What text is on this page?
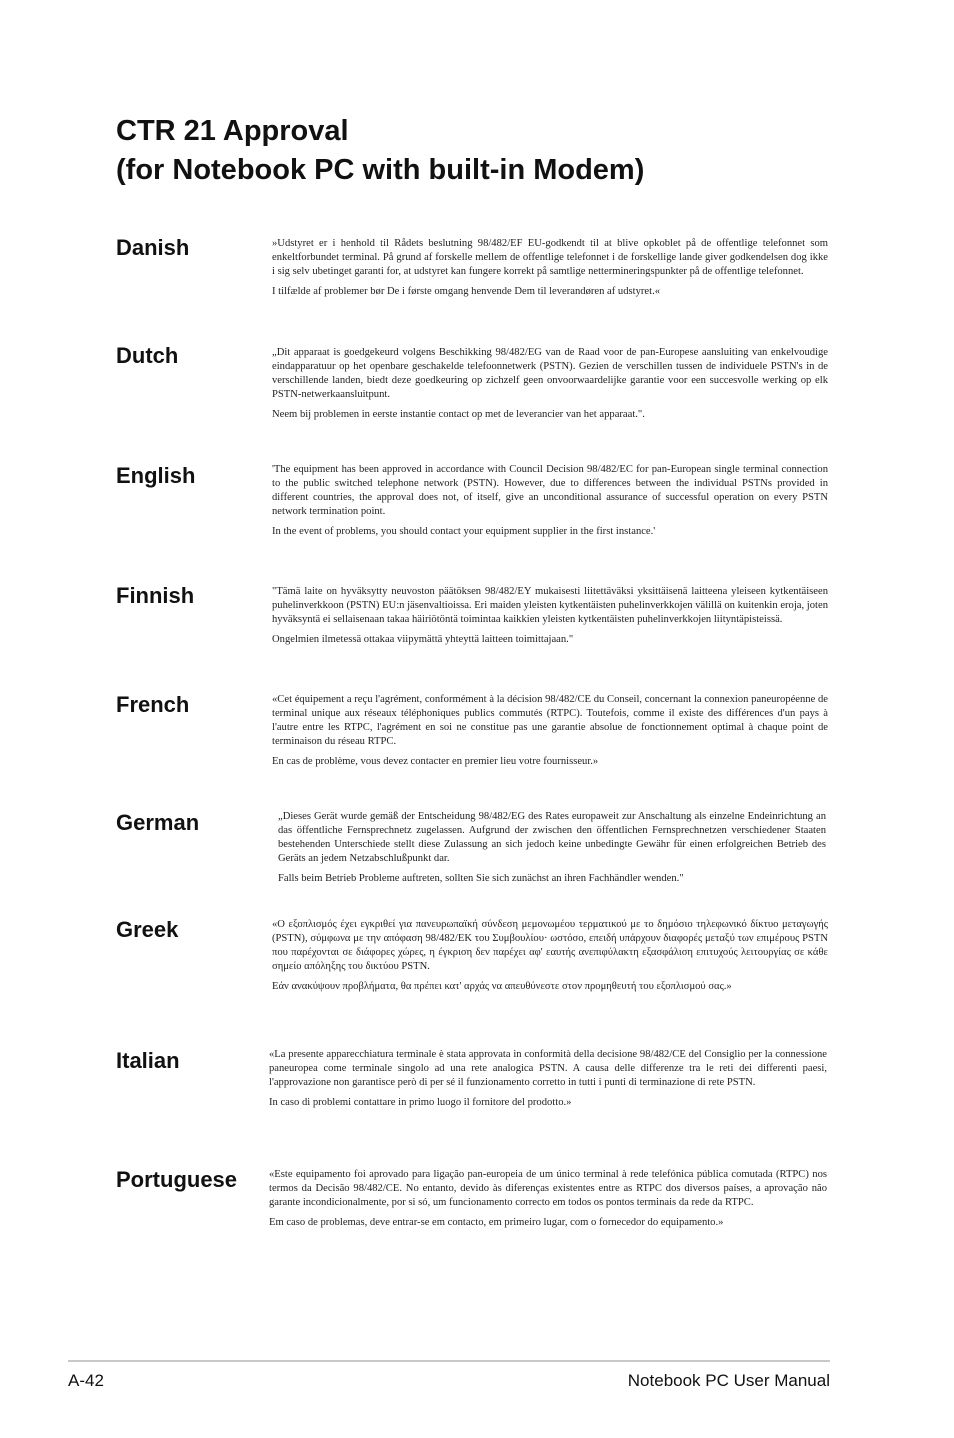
CTR 21 Approval
(for Notebook PC with built-in Modem)
Danish	»Udstyret er i henhold til Rådets beslutning 98/482/EF EU-godkendt til at blive opkoblet på de offentlige telefonnet som enkeltforbundet terminal. På grund af forskelle mellem de offentlige telefonnet i de forskellige lande giver godkendelsen dog ikke i sig selv ubetinget garanti for, at udstyret kan fungere korrekt på samtlige nettermineringspunkter på de offentlige telefonnet.

I tilfælde af problemer bør De i første omgang henvende Dem til leverandøren af udstyret.«

Dutch	„Dit apparaat is goedgekeurd volgens Beschikking 98/482/EG van de Raad voor de pan-Europese aansluiting van enkelvoudige eindapparatuur op het openbare geschakelde telefoonnetwerk (PSTN). Gezien de verschillen tussen de individuele PSTN's in de verschillende landen, biedt deze goedkeuring op zichzelf geen onvoorwaardelijke garantie voor een succesvolle werking op elk PSTN-netwerkaansluitpunt.

Neem bij problemen in eerste instantie contact op met de leverancier van het apparaat.".

English	'The equipment has been approved in accordance with Council Decision 98/482/EC for pan-European single terminal connection to the public switched telephone network (PSTN). However, due to differences between the individual PSTNs provided in different countries, the approval does not, of itself, give an unconditional assurance of successful operation on every PSTN network termination point.

In the event of problems, you should contact your equipment supplier in the first instance.'

Finnish	"Tämä laite on hyväksytty neuvoston päätöksen 98/482/EY mukaisesti liitettäväksi yksittäisenä laitteena yleiseen kytkentäiseen puhelinverkkoon (PSTN) EU:n jäsenvaltioissa. Eri maiden yleisten kytkentäisten puhelinverkkojen välillä on kuitenkin eroja, joten hyväksyntä ei sellaisenaan takaa häiriötöntä toimintaa kaikkien yleisten kytkentäisten puhelinverkkojen liityntäpisteissä.

Ongelmien ilmetessä ottakaa viipymättä yhteyttä laitteen toimittajaan."

French	«Cet équipement a reçu l'agrément, conformément à la décision 98/482/CE du Conseil, concernant la connexion paneuropéenne de terminal unique aux réseaux téléphoniques publics commutés (RTPC). Toutefois, comme il existe des différences d'un pays à l'autre entre les RTPC, l'agrément en soi ne constitue pas une garantie absolue de fonctionnement optimal à chaque point de terminaison du réseau RTPC.

En cas de problème, vous devez contacter en premier lieu votre fournisseur.»

German	„Dieses Gerät wurde gemäß der Entscheidung 98/482/EG des Rates europaweit zur Anschaltung als einzelne Endeinrichtung an das öffentliche Fernsprechnetz zugelassen. Aufgrund der zwischen den öffentlichen Fernsprechnetzen verschiedener Staaten bestehenden Unterschiede stellt diese Zulassung an sich jedoch keine unbedingte Gewähr für einen erfolgreichen Betrieb des Geräts an jedem Netzabschlußpunkt dar.

Falls beim Betrieb Probleme auftreten, sollten Sie sich zunächst an ihren Fachhändler wenden."

Greek	«Ο εξοπλισμός έχει εγκριθεί για πανευρωπαϊκή σύνδεση μεμονωμέου τερματικού με το δημόσιο τηλεφωνικό δίκτυο μεταγωγής (PSTN), σύμφωνα με την απόφαση 98/482/ΕΚ του Συμβουλίου· ωστόσο, επειδή υπάρχουν διαφορές μεταξύ των επιμέρους PSTN που παρέχονται σε διάφορες χώρες, η έγκριση δεν παρέχει αφ' εαυτής ανεπιφύλακτη εξασφάλιση επιτυχούς λειτουργίας σε κάθε σημείο απόληξης του δικτύου PSTN.

Εάν ανακύψουν προβλήματα, θα πρέπει κατ' αρχάς να απευθύνεστε στον προμηθευτή του εξοπλισμού σας.»

Italian	«La presente apparecchiatura terminale è stata approvata in conformità della decisione 98/482/CE del Consiglio per la connessione paneuropea come terminale singolo ad una rete analogica PSTN. A causa delle differenze tra le reti dei differenti paesi, l'approvazione non garantisce però di per sé il funzionamento corretto in tutti i punti di terminazione di rete PSTN.

In caso di problemi contattare in primo luogo il fornitore del prodotto.»

Portuguese	«Este equipamento foi aprovado para ligação pan-europeia de um único terminal à rede telefónica pública comutada (RTPC) nos termos da Decisão 98/482/CE. No entanto, devido às diferenças existentes entre as RTPC dos diversos países, a aprovação não garante incondicionalmente, por si só, um funcionamento correcto em todos os pontos terminais da rede da RTPC.

Em caso de problemas, deve entrar-se em contacto, em primeiro lugar, com o fornecedor do equipamento.»

A-42	Notebook PC User Manual
